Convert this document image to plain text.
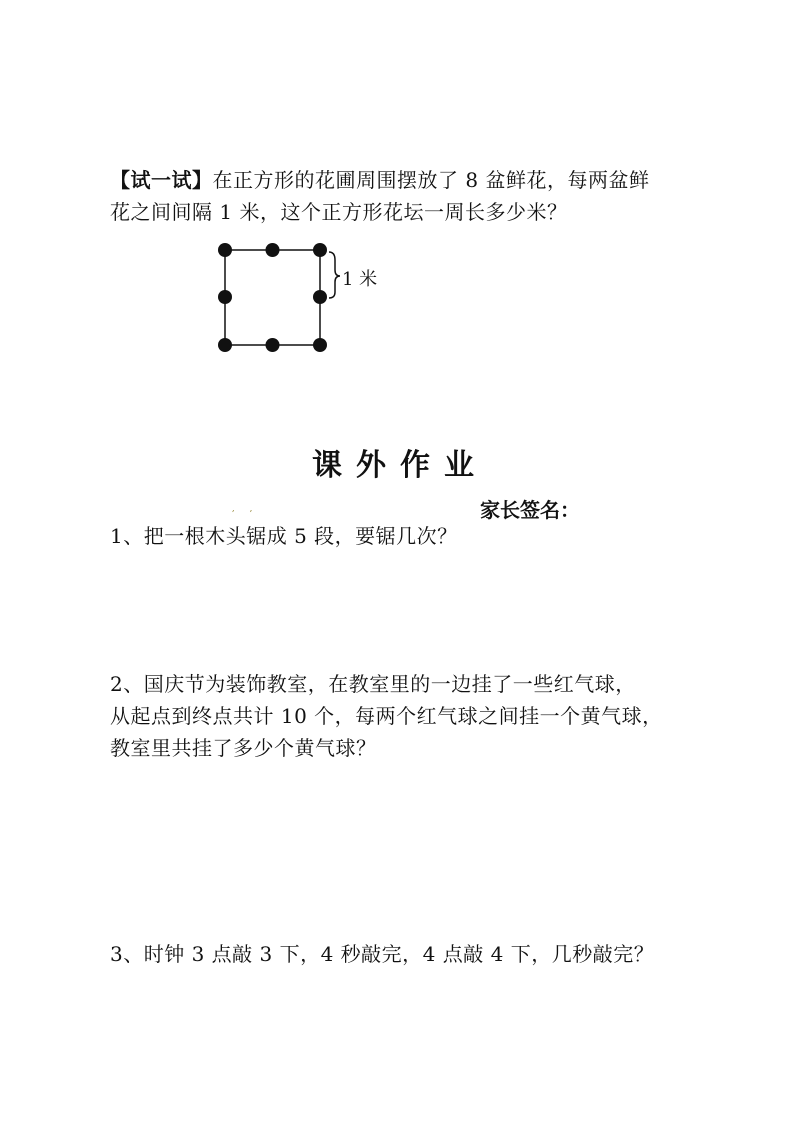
【试一试】在正方形的花圃周围摆放了 8 盆鲜花，每两盆鲜
花之间间隔 1 米，这个正方形花坛一周长多少米？
1 米
课外作业
,      ,	家长签名：
1、把一根木头锯成 5 段，要锯几次？
2、国庆节为装饰教室，在教室里的一边挂了一些红气球，
从起点到终点共计 10 个，每两个红气球之间挂一个黄气球，
教室里共挂了多少个黄气球？
3、时钟 3 点敲 3 下，4 秒敲完，4 点敲 4 下，几秒敲完？
